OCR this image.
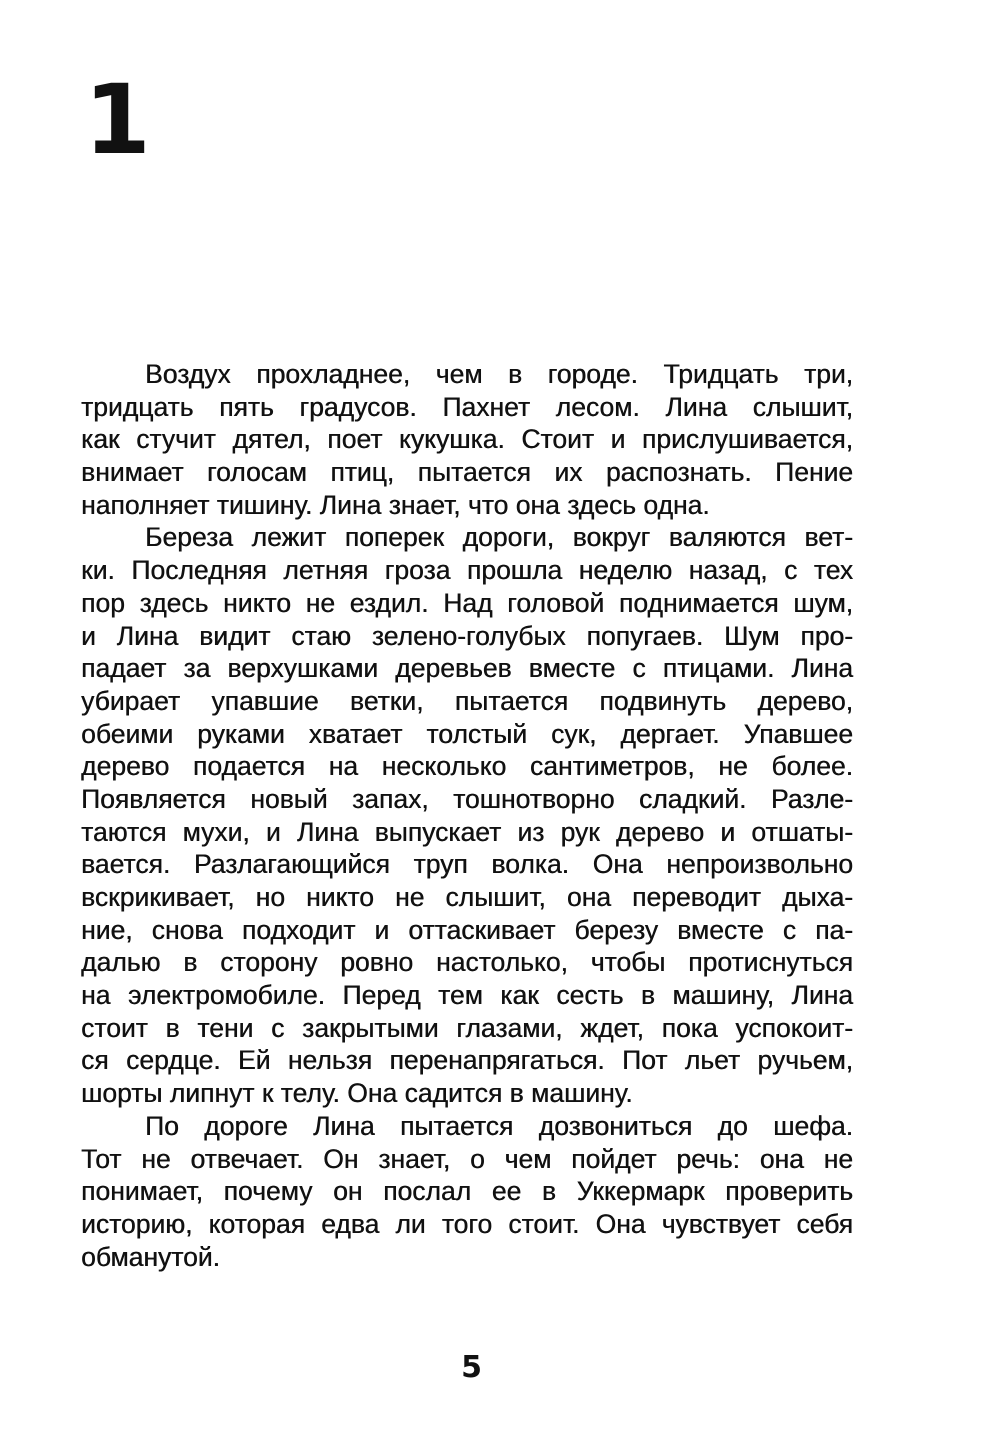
1
Воздух прохладнее, чем в городе. Тридцать три,
тридцать пять градусов. Пахнет лесом. Лина слышит,
как стучит дятел, поет кукушка. Стоит и прислушивается,
внимает голосам птиц, пытается их распознать. Пение
наполняет тишину. Лина знает, что она здесь одна.
Береза лежит поперек дороги, вокруг валяются вет-
ки. Последняя летняя гроза прошла неделю назад, с тех
пор здесь никто не ездил. Над головой поднимается шум,
и Лина видит стаю зелено-голубых попугаев. Шум про-
падает за верхушками деревьев вместе с птицами. Лина
убирает упавшие ветки, пытается подвинуть дерево,
обеими руками хватает толстый сук, дергает. Упавшее
дерево подается на несколько сантиметров, не более.
Появляется новый запах, тошнотворно сладкий. Разле-
таются мухи, и Лина выпускает из рук дерево и отшаты-
вается. Разлагающийся труп волка. Она непроизвольно
вскрикивает, но никто не слышит, она переводит дыха-
ние, снова подходит и оттаскивает березу вместе с па-
далью в сторону ровно настолько, чтобы протиснуться
на электромобиле. Перед тем как сесть в машину, Лина
стоит в тени с закрытыми глазами, ждет, пока успокоит-
ся сердце. Ей нельзя перенапрягаться. Пот льет ручьем,
шорты липнут к телу. Она садится в машину.
По дороге Лина пытается дозвониться до шефа.
Тот не отвечает. Он знает, о чем пойдет речь: она не
понимает, почему он послал ее в Уккермарк проверить
историю, которая едва ли того стоит. Она чувствует себя
обманутой.
5
